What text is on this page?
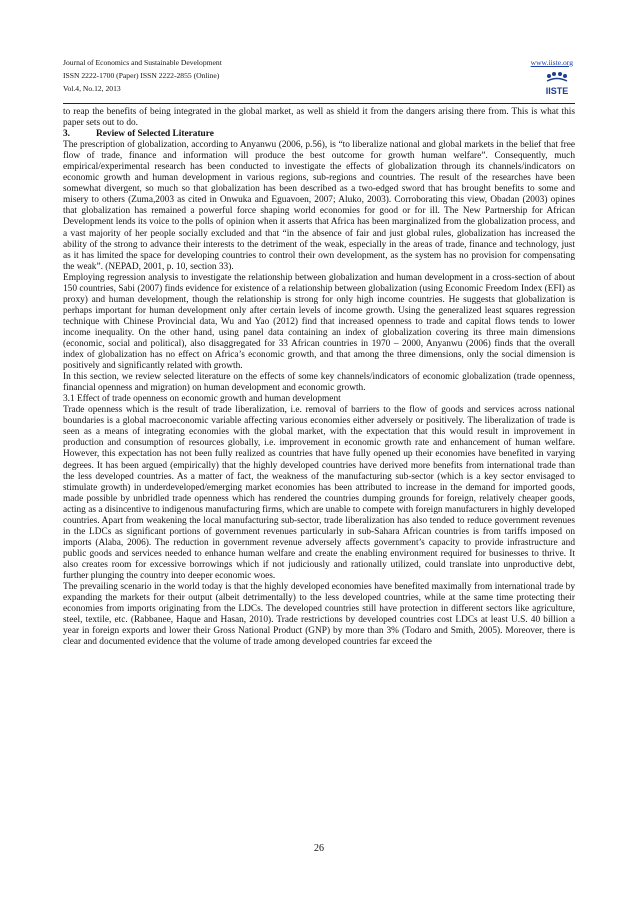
Journal of Economics and Sustainable Development
ISSN 2222-1700 (Paper) ISSN 2222-2855 (Online)
Vol.4, No.12, 2013
www.iiste.org
IISTE

to reap the benefits of being integrated in the global market, as well as shield it from the dangers arising there from. This is what this paper sets out to do.

3.	Review of Selected Literature

The prescription of globalization, according to Anyanwu (2006, p.56), is “to liberalize national and global markets in the belief that free flow of trade, finance and information will produce the best outcome for growth human welfare”. Consequently, much empirical/experimental research has been conducted to investigate the effects of globalization through its channels/indicators on economic growth and human development in various regions, sub-regions and countries. The result of the researches have been somewhat divergent, so much so that globalization has been described as a two-edged sword that has brought benefits to some and misery to others (Zuma,2003 as cited in Onwuka and Eguavoen, 2007; Aluko, 2003). Corroborating this view, Obadan (2003) opines that globalization has remained a powerful force shaping world economies for good or for ill. The New Partnership for African Development lends its voice to the polls of opinion when it asserts that Africa has been marginalized from the globalization process, and a vast majority of her people socially excluded and that “in the absence of fair and just global rules, globalization has increased the ability of the strong to advance their interests to the detriment of the weak, especially in the areas of trade, finance and technology, just as it has limited the space for developing countries to control their own development, as the system has no provision for compensating the weak”. (NEPAD, 2001, p. 10, section 33).

Employing regression analysis to investigate the relationship between globalization and human development in a cross-section of about 150 countries, Sabi (2007) finds evidence for existence of a relationship between globalization (using Economic Freedom Index (EFI) as proxy) and human development, though the relationship is strong for only high income countries. He suggests that globalization is perhaps important for human development only after certain levels of income growth. Using the generalized least squares regression technique with Chinese Provincial data, Wu and Yao (2012) find that increased openness to trade and capital flows tends to lower income inequality. On the other hand, using panel data containing an index of globalization covering its three main dimensions (economic, social and political), also disaggregated for 33 African countries in 1970 – 2000, Anyanwu (2006) finds that the overall index of globalization has no effect on Africa’s economic growth, and that among the three dimensions, only the social dimension is positively and significantly related with growth.

In this section, we review selected literature on the effects of some key channels/indicators of economic globalization (trade openness, financial openness and migration) on human development and economic growth.

3.1 Effect of trade openness on economic growth and human development

Trade openness which is the result of trade liberalization, i.e. removal of barriers to the flow of goods and services across national boundaries is a global macroeconomic variable affecting various economies either adversely or positively. The liberalization of trade is seen as a means of integrating economies with the global market, with the expectation that this would result in improvement in production and consumption of resources globally, i.e. improvement in economic growth rate and enhancement of human welfare. However, this expectation has not been fully realized as countries that have fully opened up their economies have benefited in varying degrees. It has been argued (empirically) that the highly developed countries have derived more benefits from international trade than the less developed countries. As a matter of fact, the weakness of the manufacturing sub-sector (which is a key sector envisaged to stimulate growth) in underdeveloped/emerging market economies has been attributed to increase in the demand for imported goods, made possible by unbridled trade openness which has rendered the countries dumping grounds for foreign, relatively cheaper goods, acting as a disincentive to indigenous manufacturing firms, which are unable to compete with foreign manufacturers in highly developed countries. Apart from weakening the local manufacturing sub-sector, trade liberalization has also tended to reduce government revenues in the LDCs as significant portions of government revenues particularly in sub-Sahara African countries is from tariffs imposed on imports (Alaba, 2006). The reduction in government revenue adversely affects government’s capacity to provide infrastructure and public goods and services needed to enhance human welfare and create the enabling environment required for businesses to thrive. It also creates room for excessive borrowings which if not judiciously and rationally utilized, could translate into unproductive debt, further plunging the country into deeper economic woes.

The prevailing scenario in the world today is that the highly developed economies have benefited maximally from international trade by expanding the markets for their output (albeit detrimentally) to the less developed countries, while at the same time protecting their economies from imports originating from the LDCs. The developed countries still have protection in different sectors like agriculture, steel, textile, etc. (Rabbanee, Haque and Hasan, 2010). Trade restrictions by developed countries cost LDCs at least U.S. 40 billion a year in foreign exports and lower their Gross National Product (GNP) by more than 3% (Todaro and Smith, 2005). Moreover, there is clear and documented evidence that the volume of trade among developed countries far exceed the

26
